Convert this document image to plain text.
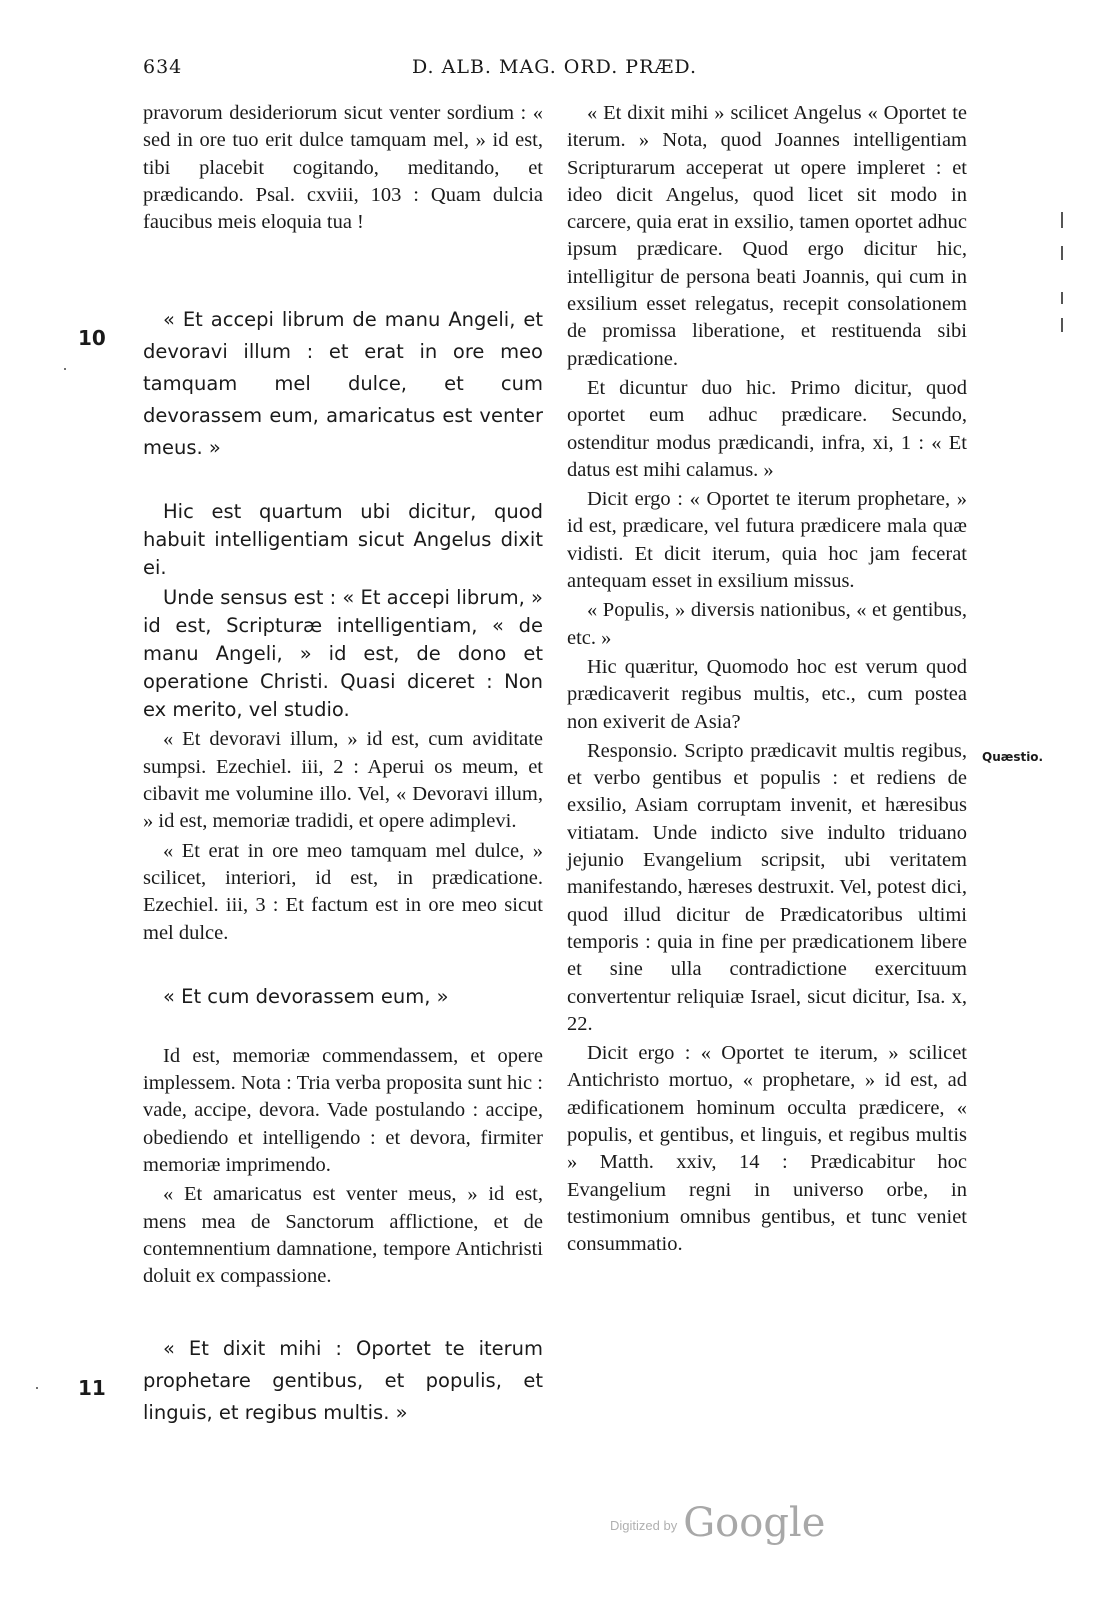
634	D. ALB. MAG. ORD. PRÆD.
10
11

pravorum desideriorum sicut venter sordium : « sed in ore tuo erit dulce tamquam mel, » id est, tibi placebit cogitando, meditando, et prædicando. Psal. cxviii, 103 : Quam dulcia faucibus meis eloquia tua !

« Et accepi librum de manu Angeli, et devoravi illum : et erat in ore meo tamquam mel dulce, et cum devorassem eum, amaricatus est venter meus. »

Hic est quartum ubi dicitur, quod habuit intelligentiam sicut Angelus dixit ei.

Unde sensus est : « Et accepi librum, » id est, Scripturæ intelligentiam, « de manu Angeli, » id est, de dono et operatione Christi. Quasi diceret : Non ex merito, vel studio.

« Et devoravi illum, » id est, cum aviditate sumpsi. Ezechiel. iii, 2 : Aperui os meum, et cibavit me volumine illo. Vel, « Devoravi illum, » id est, memoriæ tradidi, et opere adimplevi.

« Et erat in ore meo tamquam mel dulce, » scilicet, interiori, id est, in prædicatione. Ezechiel. iii, 3 : Et factum est in ore meo sicut mel dulce.

« Et cum devorassem eum, »

Id est, memoriæ commendassem, et opere implessem. Nota : Tria verba proposita sunt hic : vade, accipe, devora. Vade postulando : accipe, obediendo et intelligendo : et devora, firmiter memoriæ imprimendo.

« Et amaricatus est venter meus, » id est, mens mea de Sanctorum afflictione, et de contemnentium damnatione, tempore Antichristi doluit ex compassione.

« Et dixit mihi : Oportet te iterum prophetare gentibus, et populis, et linguis, et regibus multis. »

« Et dixit mihi » scilicet Angelus « Oportet te iterum. » Nota, quod Joannes intelligentiam Scripturarum acceperat ut opere impleret : et ideo dicit Angelus, quod licet sit modo in carcere, quia erat in exsilio, tamen oportet adhuc ipsum prædicare. Quod ergo dicitur hic, intelligitur de persona beati Joannis, qui cum in exsilium esset relegatus, recepit consolationem de promissa liberatione, et restituenda sibi prædicatione.

Et dicuntur duo hic. Primo dicitur, quod oportet eum adhuc prædicare. Secundo, ostenditur modus prædicandi, infra, xi, 1 : « Et datus est mihi calamus. »

Dicit ergo : « Oportet te iterum prophetare, » id est, prædicare, vel futura prædicere mala quæ vidisti. Et dicit iterum, quia hoc jam fecerat antequam esset in exsilium missus.

« Populis, » diversis nationibus, « et gentibus, etc. »

Hic quæritur, Quomodo hoc est verum quod prædicaverit regibus multis, etc., cum postea non exiverit de Asia?

Responsio. Scripto prædicavit multis regibus, et verbo gentibus et populis : et rediens de exsilio, Asiam corruptam invenit, et hæresibus vitiatam. Unde indicto sive indulto triduano jejunio Evangelium scripsit, ubi veritatem manifestando, hæreses destruxit. Vel, potest dici, quod illud dicitur de Prædicatoribus ultimi temporis : quia in fine per prædicationem libere et sine ulla contradictione exercituum convertentur reliquiæ Israel, sicut dicitur, Isa. x, 22.

Dicit ergo : « Oportet te iterum, » scilicet Antichristo mortuo, « prophetare, » id est, ad ædificationem hominum occulta prædicere, « populis, et gentibus, et linguis, et regibus multis » Matth. xxiv, 14 : Prædicabitur hoc Evangelium regni in universo orbe, in testimonium omnibus gentibus, et tunc veniet consummatio.

Quæstio.
$^{Digitized by}$ Google
